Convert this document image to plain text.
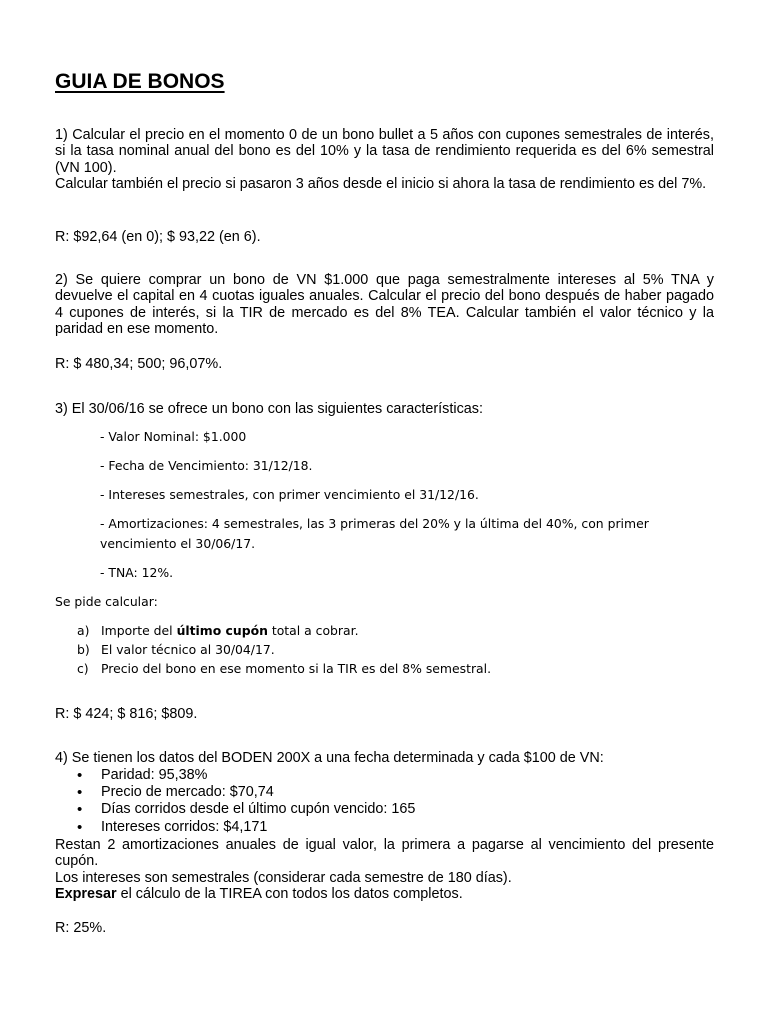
GUIA DE BONOS

1) Calcular el precio en el momento 0 de un bono bullet a 5 años con cupones semestrales de interés, si la tasa nominal anual del bono es del 10% y la tasa de rendimiento requerida es del 6% semestral (VN 100).

Calcular también el precio si pasaron 3 años desde el inicio si ahora la tasa de rendimiento es del 7%.

R: $92,64 (en 0); $ 93,22 (en 6).

2) Se quiere comprar un bono de VN $1.000 que paga semestralmente intereses al 5% TNA y devuelve el capital en 4 cuotas iguales anuales. Calcular el precio del bono después de haber pagado 4 cupones de interés, si la TIR de mercado es del 8% TEA. Calcular también el valor técnico y la paridad en ese momento.

R: $ 480,34; 500; 96,07%.
3) El 30/06/16 se ofrece un bono con las siguientes características:
- Valor Nominal: $1.000
- Fecha de Vencimiento: 31/12/18.
- Intereses semestrales, con primer vencimiento el 31/12/16.
- Amortizaciones: 4 semestrales, las 3 primeras del 20% y la última del 40%, con primer vencimiento el 30/06/17.
- TNA: 12%.
Se pide calcular:
a) Importe del último cupón total a cobrar.
b) El valor técnico al 30/04/17.
c) Precio del bono en ese momento si la TIR es del 8% semestral.
R: $ 424; $ 816; $809.
4) Se tienen los datos del BODEN 200X a una fecha determinada y cada $100 de VN:
• Paridad: 95,38%
• Precio de mercado: $70,74
• Días corridos desde el último cupón vencido: 165
• Intereses corridos: $4,171

Restan 2 amortizaciones anuales de igual valor, la primera a pagarse al vencimiento del presente cupón.

Los intereses son semestrales (considerar cada semestre de 180 días).

Expresar el cálculo de la TIREA con todos los datos completos.

R: 25%.
